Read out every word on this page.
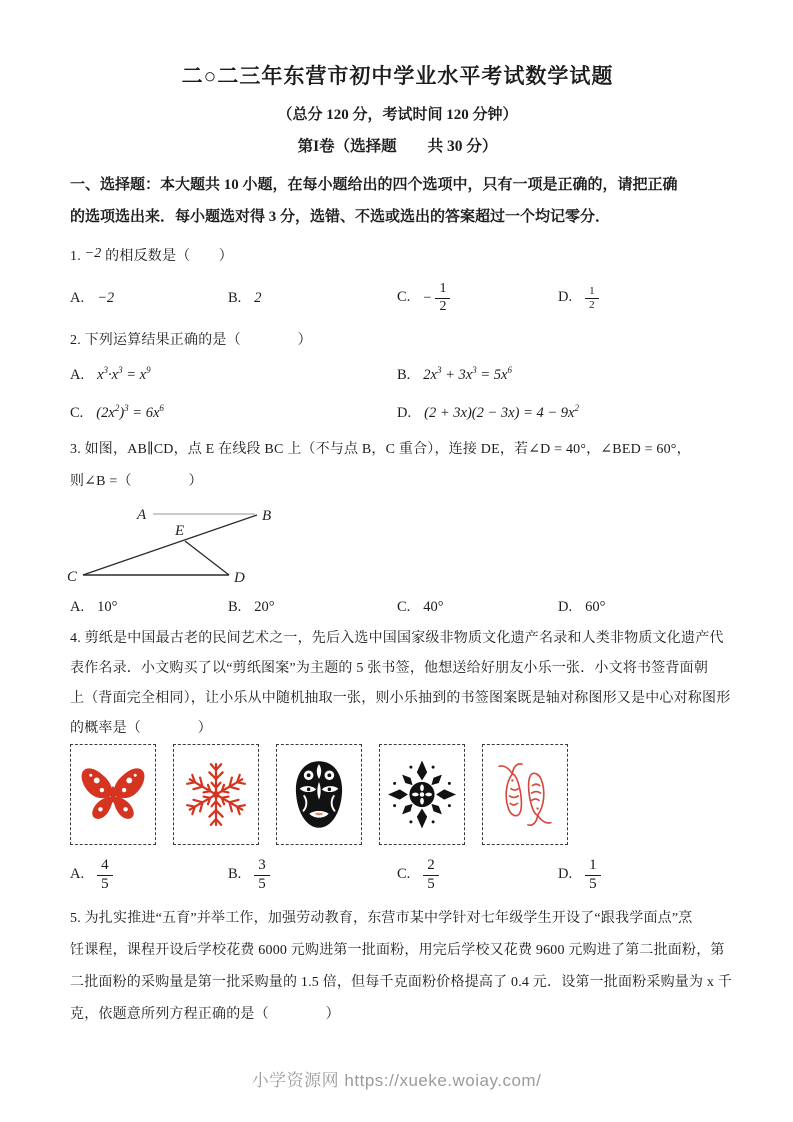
二○二三年东营市初中学业水平考试数学试题
（总分 120 分，考试时间 120 分钟）
第I卷（选择题　　共 30 分）
一、选择题：本大题共 10 小题，在每小题给出的四个选项中，只有一项是正确的，请把正确
的选项选出来．每小题选对得 3 分，选错、不选或选出的答案超过一个均记零分．
1. −2 的相反数是（　　）
A. −2	B. 2	C. − $\frac{1}{2}$	D. $\frac{1}{2}$
2. 下列运算结果正确的是（　　　　）
A. $x^3\cdot x^3 = x^9$	B. $2x^3 + 3x^3 = 5x^6$
C. $(2x^2)^3 = 6x^6$	D. $(2 + 3x)(2 - 3x) = 4 - 9x^2$
3. 如图，AB∥CD，点 E 在线段 BC 上（不与点 B，C 重合），连接 DE，若∠D = 40°，∠BED = 60°，
则∠B =（　　　　）
A	B
C	D
E
A. 10°	B. 20°	C. 40°	D. 60°
4. 剪纸是中国最古老的民间艺术之一，先后入选中国国家级非物质文化遗产名录和人类非物质文化遗产代
表作名录．小文购买了以“剪纸图案”为主题的 5 张书签，他想送给好朋友小乐一张．小文将书签背面朝
上（背面完全相同），让小乐从中随机抽取一张，则小乐抽到的书签图案既是轴对称图形又是中心对称图形
的概率是（　　　　）
A. $\frac{4}{5}$	B. $\frac{3}{5}$	C. $\frac{2}{5}$	D. $\frac{1}{5}$
5. 为扎实推进“五育”并举工作，加强劳动教育，东营市某中学针对七年级学生开设了“跟我学面点”烹
饪课程，课程开设后学校花费 6000 元购进第一批面粉，用完后学校又花费 9600 元购进了第二批面粉，第
二批面粉的采购量是第一批采购量的 1.5 倍，但每千克面粉价格提高了 0.4 元．设第一批面粉采购量为 x 千
克，依题意所列方程正确的是（　　　　）
小学资源网 https://xueke.woiay.com/
